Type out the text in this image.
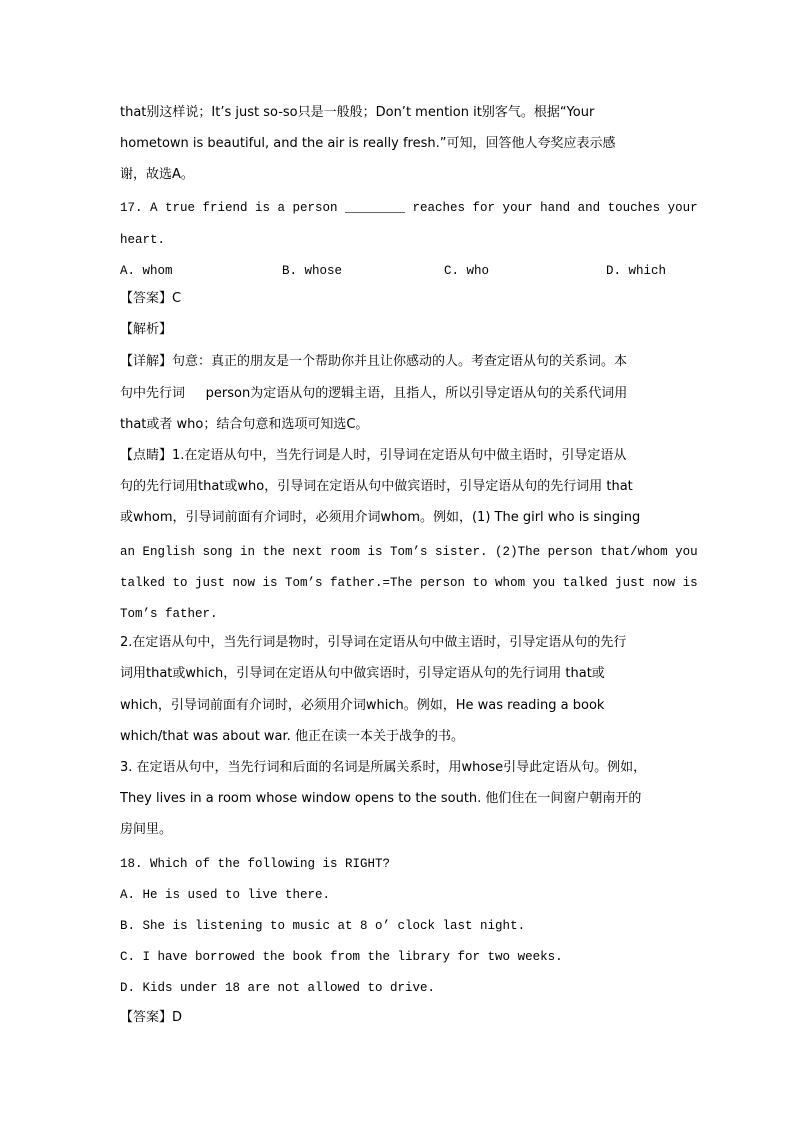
that别这样说；It’s just so-so只是一般般；Don’t mention it别客气。根据“Your
hometown is beautiful, and the air is really fresh.”可知，回答他人夸奖应表示感
谢，故选A。
17. A true friend is a person ________ reaches for your hand and touches your
heart.
A. whom	B. whose	C. who	D. which
【答案】C
【解析】
【详解】句意：真正的朋友是一个帮助你并且让你感动的人。考查定语从句的关系词。本
句中先行词     person为定语从句的逻辑主语，且指人，所以引导定语从句的关系代词用
that或者 who；结合句意和选项可知选C。
【点睛】1.在定语从句中，当先行词是人时，引导词在定语从句中做主语时，引导定语从
句的先行词用that或who，引导词在定语从句中做宾语时，引导定语从句的先行词用 that
或whom，引导词前面有介词时，必须用介词whom。例如，(1) The girl who is singing
an English song in the next room is Tom’s sister. (2)The person that/whom you
talked to just now is Tom’s father.=The person to whom you talked just now is
Tom’s father.
2.在定语从句中，当先行词是物时，引导词在定语从句中做主语时，引导定语从句的先行
词用that或which，引导词在定语从句中做宾语时，引导定语从句的先行词用 that或
which，引导词前面有介词时，必须用介词which。例如，He was reading a book
which/that was about war. 他正在读一本关于战争的书。
3. 在定语从句中，当先行词和后面的名词是所属关系时，用whose引导此定语从句。例如，
They lives in a room whose window opens to the south. 他们住在一间窗户朝南开的
房间里。
18. Which of the following is RIGHT?
A. He is used to live there.
B. She is listening to music at 8 o’ clock last night.
C. I have borrowed the book from the library for two weeks.
D. Kids under 18 are not allowed to drive.
【答案】D
